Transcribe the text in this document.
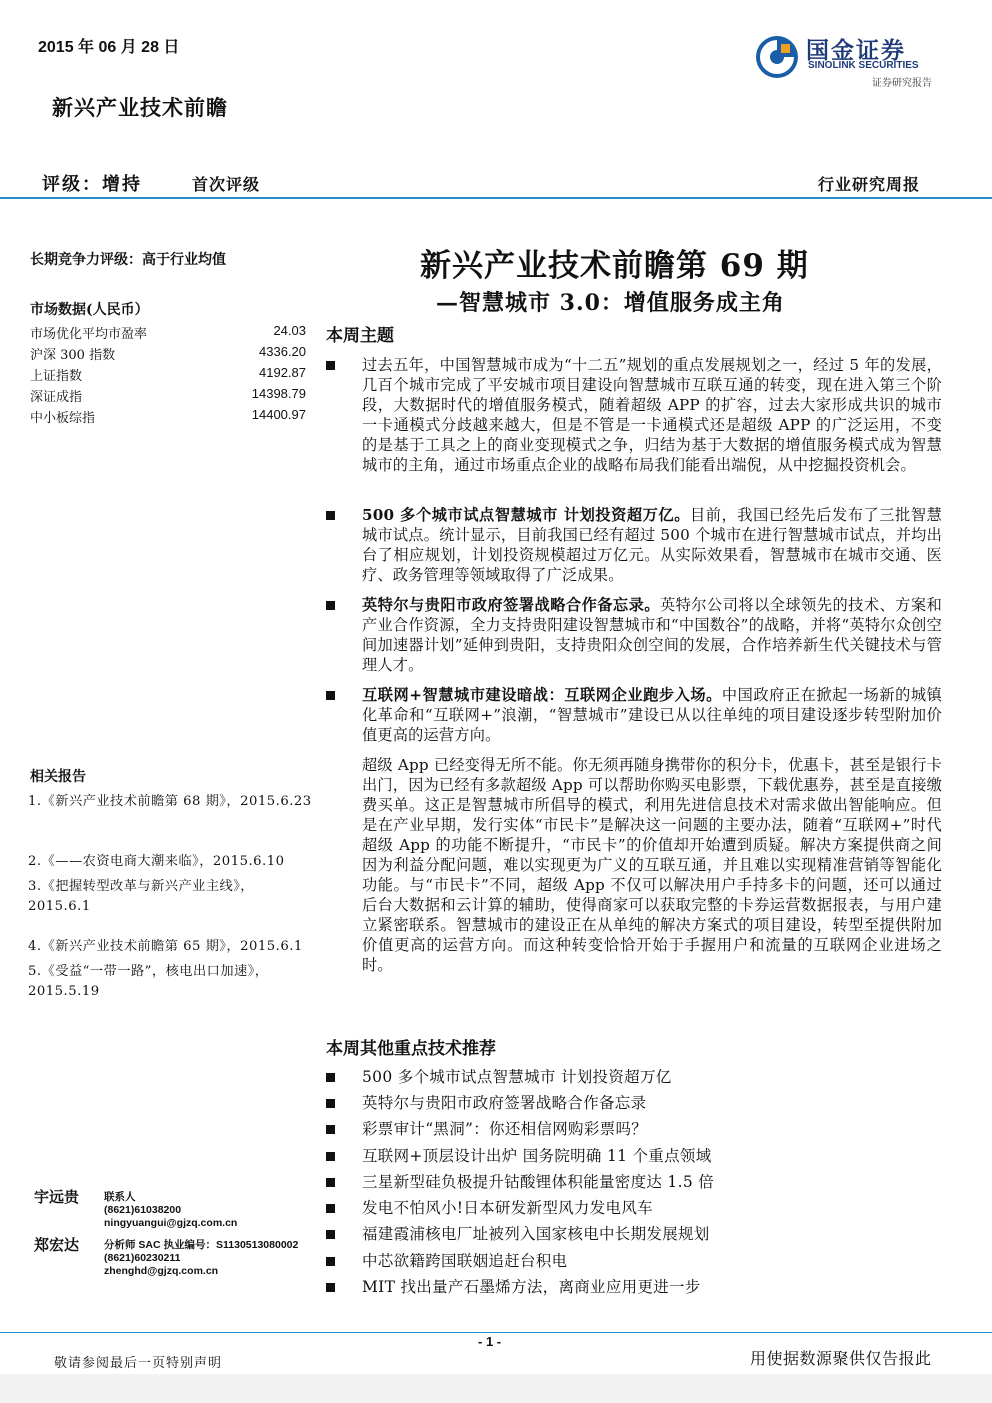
2015 年 06 月 28 日
新兴产业技术前瞻
国金证券
SINOLINK SECURITIES
证券研究报告
评级：增持	首次评级	行业研究周报
长期竞争力评级：高于行业均值
市场数据(人民币）
市场优化平均市盈率	24.03
沪深 300 指数	4336.20
上证指数	4192.87
深证成指	14398.79
中小板综指	14400.97
相关报告
1.《新兴产业技术前瞻第 68 期》，2015.6.23
2.《——农资电商大潮来临》，2015.6.10
3.《把握转型改革与新兴产业主线》，2015.6.1
4.《新兴产业技术前瞻第 65 期》，2015.6.1
5.《受益“一带一路”，核电出口加速》，2015.5.19
宇远贵 联系人
(8621)61038200
ningyuangui@gjzq.com.cn
郑宏达 分析师 SAC 执业编号：S1130513080002
(8621)60230211
zhenghd@gjzq.com.cn
新兴产业技术前瞻第 69 期
—智慧城市 3.0：增值服务成主角
本周主题
过去五年，中国智慧城市成为“十二五”规划的重点发展规划之一，经过 5 年的发展，几百个城市完成了平安城市项目建设向智慧城市互联互通的转变，现在进入第三个阶段，大数据时代的增值服务模式，随着超级 APP 的扩容，过去大家形成共识的城市一卡通模式分歧越来越大，但是不管是一卡通模式还是超级 APP 的广泛运用，不变的是基于工具之上的商业变现模式之争，归结为基于大数据的增值服务模式成为智慧城市的主角，通过市场重点企业的战略布局我们能看出端倪，从中挖掘投资机会。
500 多个城市试点智慧城市 计划投资超万亿。目前，我国已经先后发布了三批智慧城市试点。统计显示，目前我国已经有超过 500 个城市在进行智慧城市试点，并均出台了相应规划，计划投资规模超过万亿元。从实际效果看，智慧城市在城市交通、医疗、政务管理等领域取得了广泛成果。
英特尔与贵阳市政府签署战略合作备忘录。英特尔公司将以全球领先的技术、方案和产业合作资源，全力支持贵阳建设智慧城市和“中国数谷”的战略，并将“英特尔众创空间加速器计划”延伸到贵阳，支持贵阳众创空间的发展，合作培养新生代关键技术与管理人才。
互联网+智慧城市建设暗战：互联网企业跑步入场。中国政府正在掀起一场新的城镇化革命和“互联网+”浪潮，“智慧城市”建设已从以往单纯的项目建设逐步转型附加价值更高的运营方向。
超级 App 已经变得无所不能。你无须再随身携带你的积分卡，优惠卡，甚至是银行卡出门，因为已经有多款超级 App 可以帮助你购买电影票，下载优惠券，甚至是直接缴费买单。这正是智慧城市所倡导的模式，利用先进信息技术对需求做出智能响应。但是在产业早期，发行实体“市民卡”是解决这一问题的主要办法，随着“互联网+”时代超级 App 的功能不断提升，“市民卡”的价值却开始遭到质疑。解决方案提供商之间因为利益分配问题，难以实现更为广义的互联互通，并且难以实现精准营销等智能化功能。与“市民卡”不同，超级 App 不仅可以解决用户手持多卡的问题，还可以通过后台大数据和云计算的辅助，使得商家可以获取完整的卡券运营数据报表，与用户建立紧密联系。智慧城市的建设正在从单纯的解决方案式的项目建设，转型至提供附加价值更高的运营方向。而这种转变恰恰开始于手握用户和流量的互联网企业进场之时。
本周其他重点技术推荐
500 多个城市试点智慧城市 计划投资超万亿
英特尔与贵阳市政府签署战略合作备忘录
彩票审计“黑洞”：你还相信网购彩票吗？
互联网+顶层设计出炉 国务院明确 11 个重点领域
三星新型硅负极提升钴酸锂体积能量密度达 1.5 倍
发电不怕风小!日本研发新型风力发电风车
福建霞浦核电厂址被列入国家核电中长期发展规划
中芯欲籍跨国联姻追赶台积电
MIT 找出量产石墨烯方法，离商业应用更进一步
- 1 -
敬请参阅最后一页特别声明	用使据数源聚供仅告报此
